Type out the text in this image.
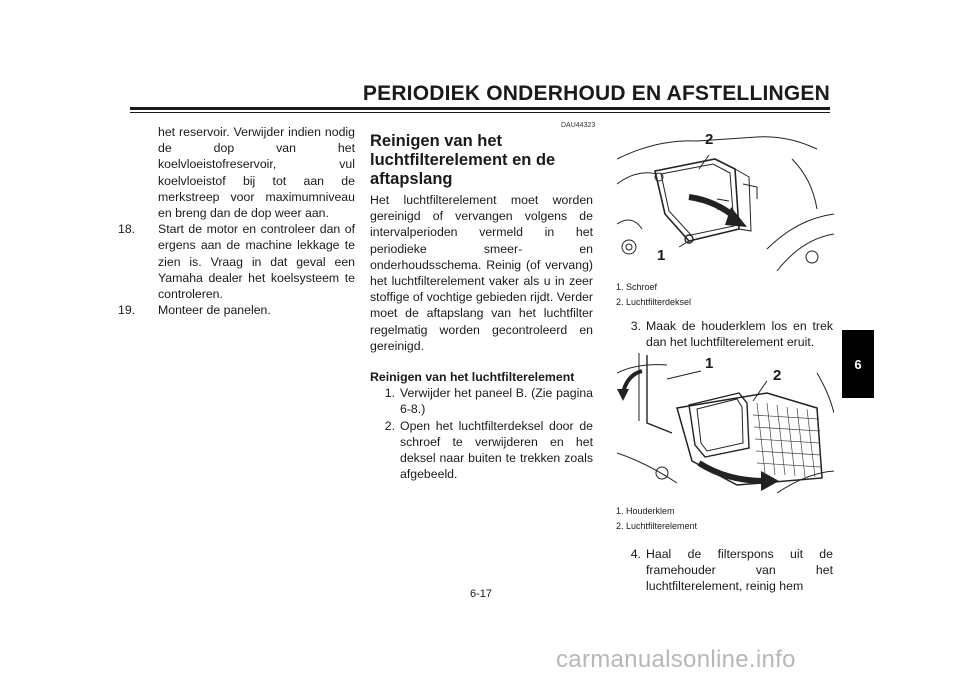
PERIODIEK ONDERHOUD EN AFSTELLINGEN
het reservoir. Verwijder indien nodig de dop van het koelvloeistofreservoir, vul koelvloeistof bij tot aan de merkstreep voor maximumniveau en breng dan de dop weer aan.
18.	Start de motor en controleer dan of ergens aan de machine lekkage te zien is. Vraag in dat geval een Yamaha dealer het koelsysteem te controleren.
19.	Monteer de panelen.
DAU44323
Reinigen van het luchtfilterelement en de aftapslang
Het luchtfilterelement moet worden gereinigd of vervangen volgens de intervalperioden vermeld in het periodieke smeer- en onderhoudsschema. Reinig (of vervang) het luchtfilterelement vaker als u in zeer stoffige of vochtige gebieden rijdt. Verder moet de aftapslang van het luchtfilter regelmatig worden gecontroleerd en gereinigd.
Reinigen van het luchtfilterelement
1. Verwijder het paneel B. (Zie pagina 6-8.)
2. Open het luchtfilterdeksel door de schroef te verwijderen en het deksel naar buiten te trekken zoals afgebeeld.
1
2
1. Schroef
2. Luchtfilterdeksel
3. Maak de houderklem los en trek dan het luchtfilterelement eruit.
1
2
1. Houderklem
2. Luchtfilterelement
4. Haal de filterspons uit de framehouder van het luchtfilterelement, reinig hem
6
6-17
carmanualsonline.info
